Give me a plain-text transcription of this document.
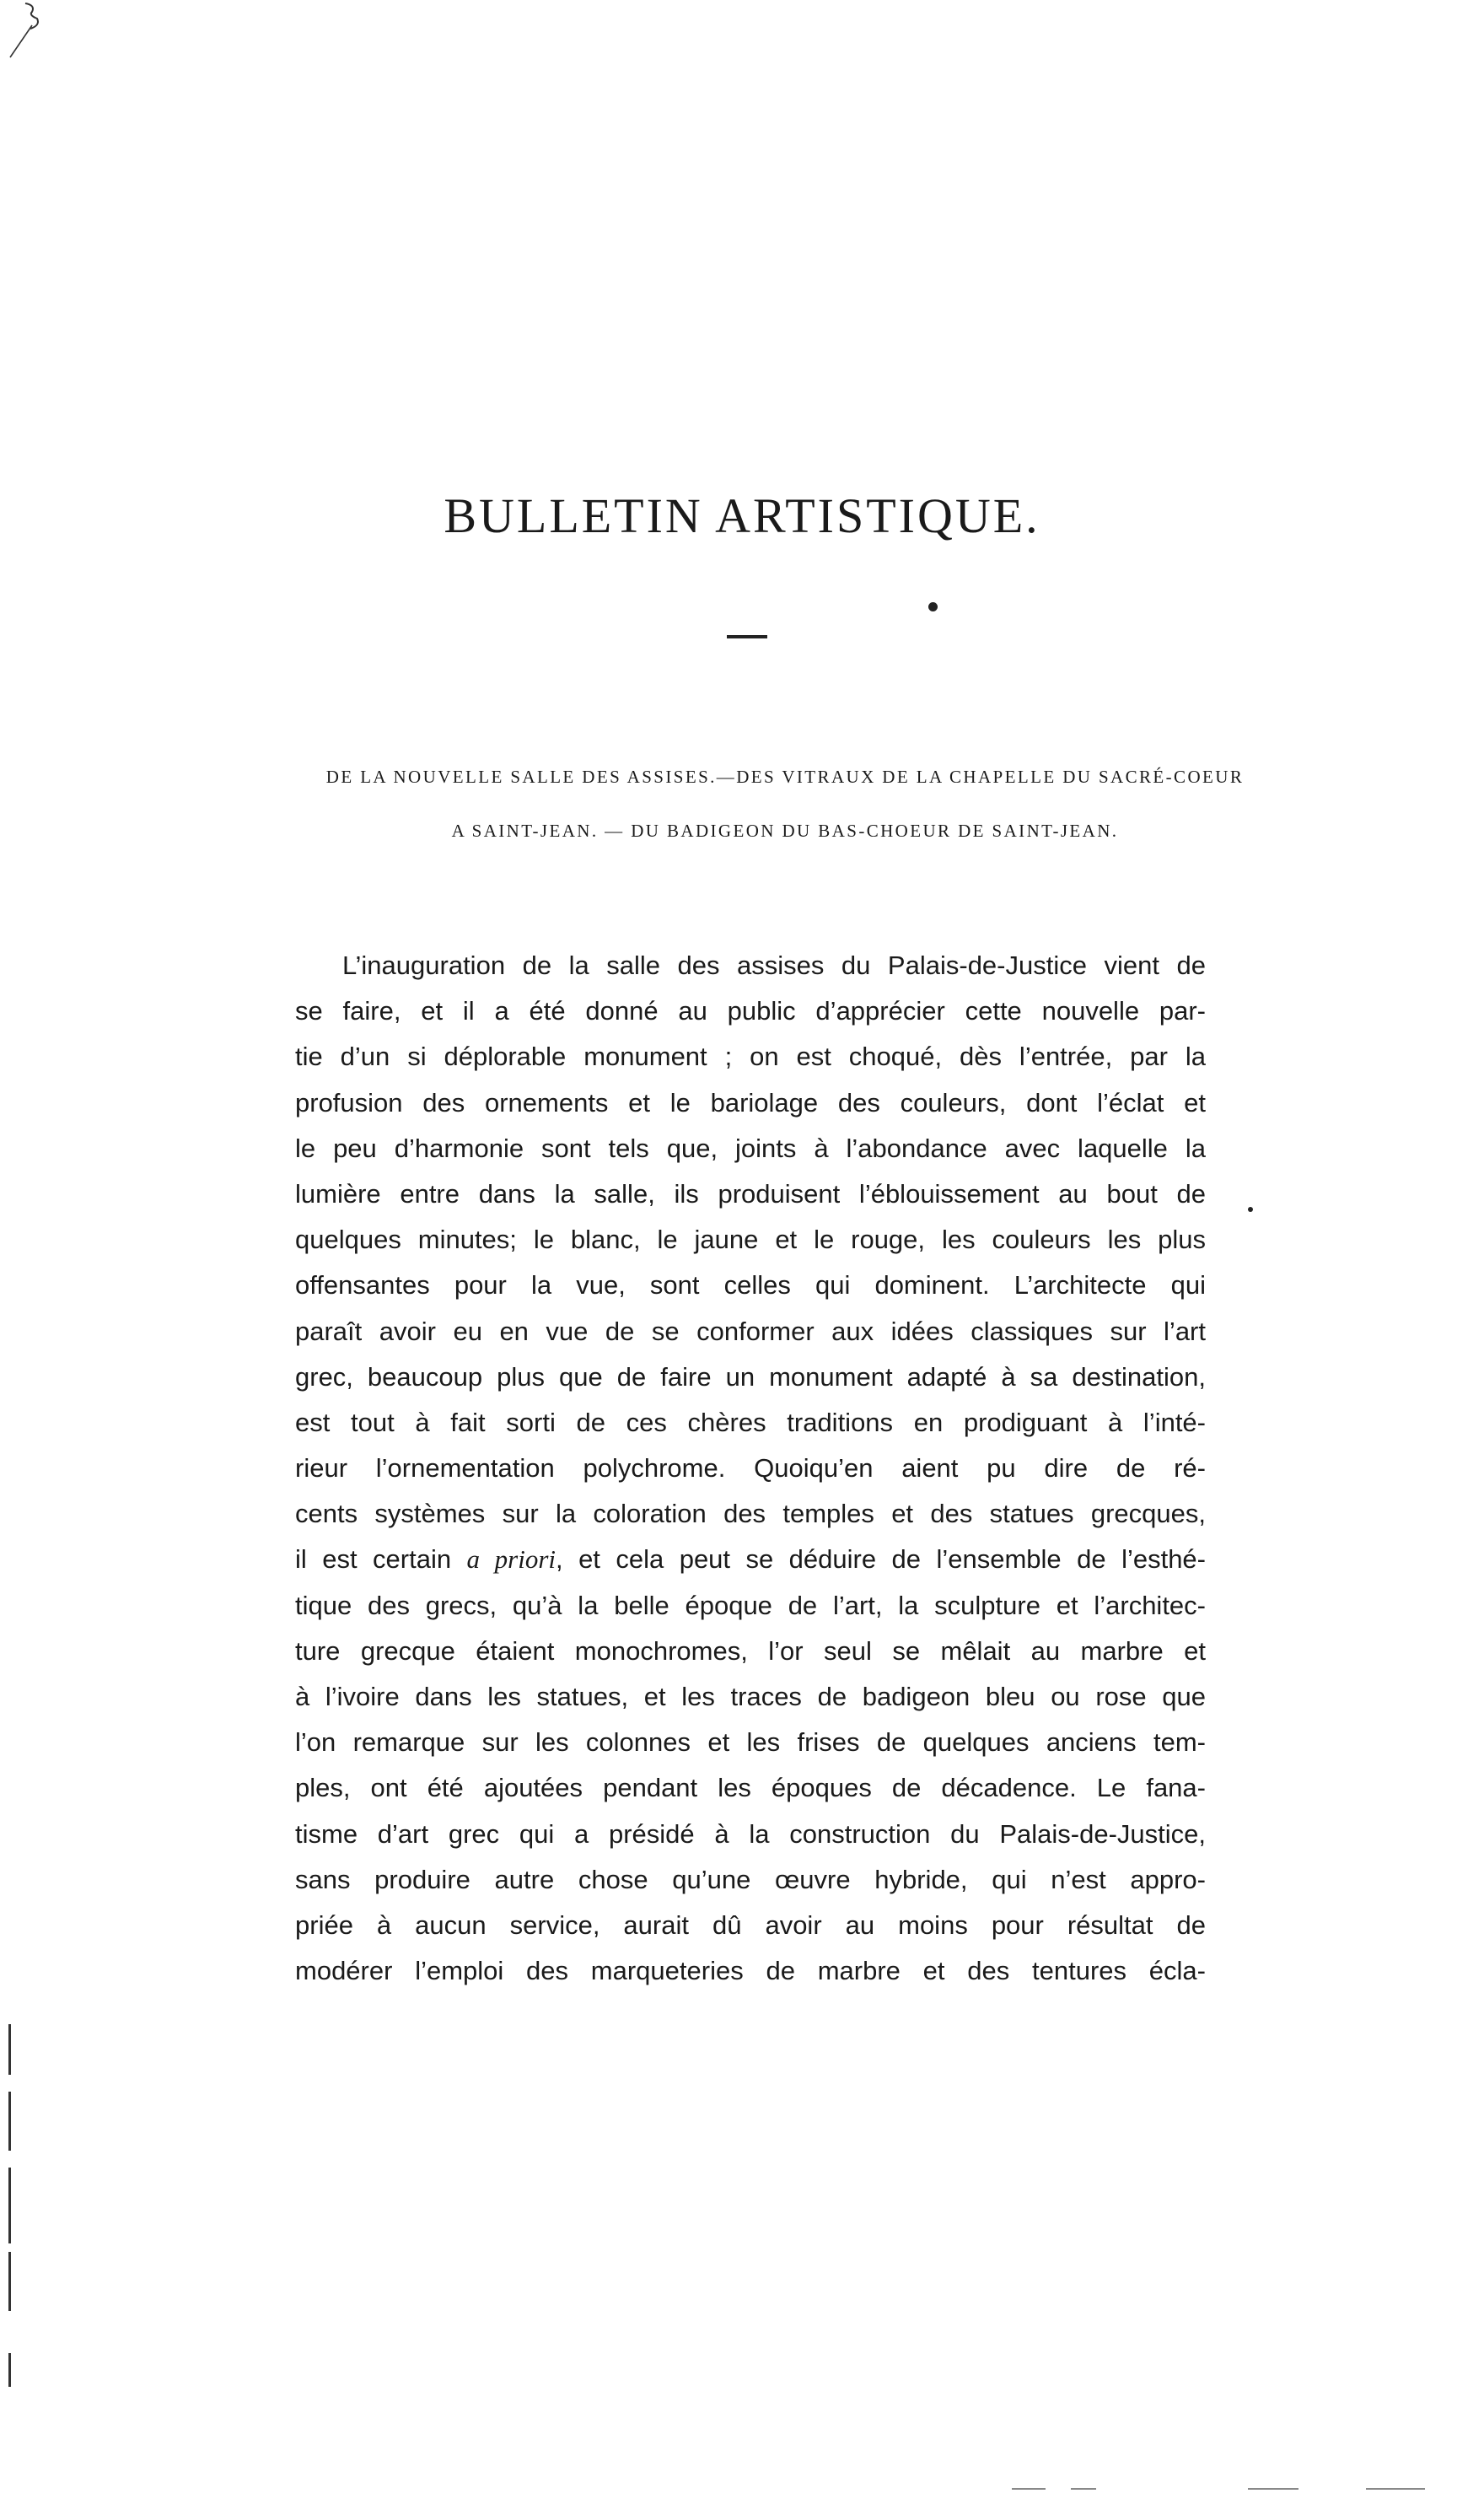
BULLETIN ARTISTIQUE.

DE LA NOUVELLE SALLE DES ASSISES.—DES VITRAUX DE LA CHAPELLE DU SACRÉ-COEUR

A SAINT-JEAN. — DU BADIGEON DU BAS-CHOEUR DE SAINT-JEAN.

L’inauguration de la salle des assises du Palais-de-Justice vient de
se faire, et il a été donné au public d’apprécier cette nouvelle par-
tie d’un si déplorable monument ; on est choqué, dès l’entrée, par la
profusion des ornements et le bariolage des couleurs, dont l’éclat et
le peu d’harmonie sont tels que, joints à l’abondance avec laquelle la
lumière entre dans la salle, ils produisent l’éblouissement au bout de
quelques minutes; le blanc, le jaune et le rouge, les couleurs les plus
offensantes pour la vue, sont celles qui dominent. L’architecte qui
paraît avoir eu en vue de se conformer aux idées classiques sur l’art
grec, beaucoup plus que de faire un monument adapté à sa destination,
est tout à fait sorti de ces chères traditions en prodiguant à l’inté-
rieur l’ornementation polychrome. Quoiqu’en aient pu dire de ré-
cents systèmes sur la coloration des temples et des statues grecques,
il est certain a priori, et cela peut se déduire de l’ensemble de l’esthé-
tique des grecs, qu’à la belle époque de l’art, la sculpture et l’architec-
ture grecque étaient monochromes, l’or seul se mêlait au marbre et
à l’ivoire dans les statues, et les traces de badigeon bleu ou rose que
l’on remarque sur les colonnes et les frises de quelques anciens tem-
ples, ont été ajoutées pendant les époques de décadence. Le fana-
tisme d’art grec qui a présidé à la construction du Palais-de-Justice,
sans produire autre chose qu’une œuvre hybride, qui n’est appro-
priée à aucun service, aurait dû avoir au moins pour résultat de
modérer l’emploi des marqueteries de marbre et des tentures écla-
